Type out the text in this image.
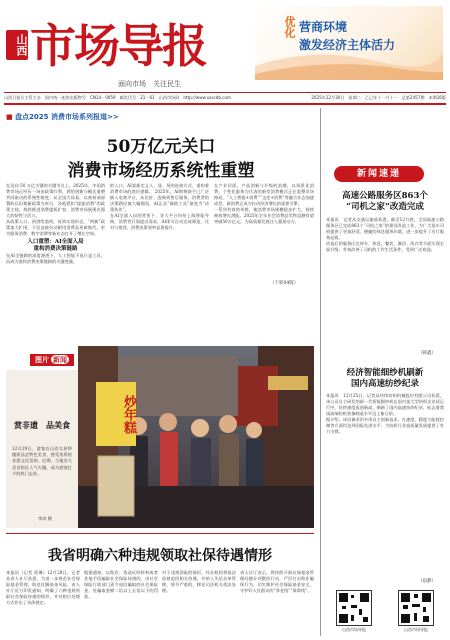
山西 市场导报
面向市场　 关注民生
优化 营商环境
激发经济主体活力
山西日报社主管主办　国内统一连续出版物号：CN14－0059　邮发代号：21－61　山西市场网：http://www.sxscdb.com	2025年12月30日　星期二　乙巳年十一月十一　总第2457期　本期16版
■ 盘点2025 消费市场系列报道>>
50万亿元关口
消费市场经历系统性重塑
在迈向 50 万亿关键的关键节点上，2025年，中国消费市场正经历一场由政策红利、供给创新与模式重塑共同驱动的系统性蜕变。从全国大局看，以商务部部署的以旧换新政策为牵引，各地紧扣“提振消费”的政策主线，持续推进消费提质扩容，消费市场展现出强大的韧性与活力。
从政策入口，到供给重构，再到实现形态，“两新”政策加力扩围，不仅直接拉动耐用消费品更新换代，更为服务消费、数字消费等新业态打开了增长空间。
入口重塑：AI全面入局
重构消费决策链路
在AI全链路的深度渗透下，人工智能不再只是工具，而成为重构消费决策链路的关键变量。
的入口，AI重新定义人、货、场的连接方式，重构着消费市场的底层逻辑。 2025年，AI购物助手已广泛嵌入电商平台，从比价、选购到售后服务，消费者的决策路径被大幅缩短，AI正从“辅助工具”演变为“决策伙伴”。
在AI全面入局的背景下，各大平台纷纷上线智能导购，消费者只需提出需求，AI即可自动完成筛选、比对与推荐，消费决策效率显著提升。
在产业层面，产品创新与升级的浪潮，以场景化消费、个性化服务为代表的新型消费模式正在重塑市场格局，“人工智能+消费”“文化+消费”等融合业态加速成型，新消费正成为拉动经济增长的重要引擎。
一系列有效的举措，使消费市场规模稳步扩大，持续释放增长潜能。2025年全年社会消费品零售总额有望突破50万亿元，为高质量发展注入强劲动力。
（下转04版）
图片 新闻
赏非遗　品美食
12月29日，游客在山西太原钟楼街品尝特色美食，感受浓厚的非遗文化氛围。近期，当地各大美食街区人气火爆，成为游客打卡的热门去处。
李涛 摄
炒年糕
我省明确六种违规领取社保待遇情形
本报讯（记者 贾琳）12月28日，记者从省人社厅获悉，为进一步规范社会保险基金管理，防范化解基金风险，省人社厅近日印发通知，明确了六种违规领取社会保险待遇的情形，并对相应处理方式作出了具体规定。
根据通知，以欺诈、伪造证明材料或者其他手段骗取社会保险待遇的，由社会保险行政部门责令退回骗取的社会保险金，处骗取金额二倍以上五倍以下的罚款。
对于违规领取的情形，经办机构将依法依规追回相关待遇，并纳入失信名单管理，情节严重的，移送司法机关依法处理。
省人社厅表示，将持续开展社保基金管理问题专项整治行动，严厉打击欺诈骗保行为，切实维护社会保险基金安全，守护好人民群众的“养老钱”“保命钱”。
新闻速递
高速公路服务区863个
“司机之家”改造完成
本报讯　记者从交通运输部获悉，截至12月底，全国高速公路服务区已完成863个“司机之家”的建设改造工作，为广大货车司机提供了更加舒适、便捷的休息服务环境，进一步提升了出行服务品质。
改造后的服务区在停车、休息、餐饮、淋浴、洗衣等方面实现全面升级，有效改善了司机的工作生活条件，受到广泛欢迎。
（韩鑫）
经济智能细纱机刷新
国内高速纺纱纪录
本报讯　12月25日，记者从经纬纺织机械股份有限公司获悉，该公司自主研发的新一代智能细纱机在国内某大型纺织企业试运行中，纺纱速度再创新高，刷新了国内高速纺纱纪录，标志着我国高端纺机装备制造水平迈上新台阶。
据介绍，该设备采用多项自主创新技术，在速度、精度与能耗控制等方面均达到国际先进水平，为纺织行业高质量发展提供了有力支撑。
（宿静）
山西市场导报	山西市场导报
